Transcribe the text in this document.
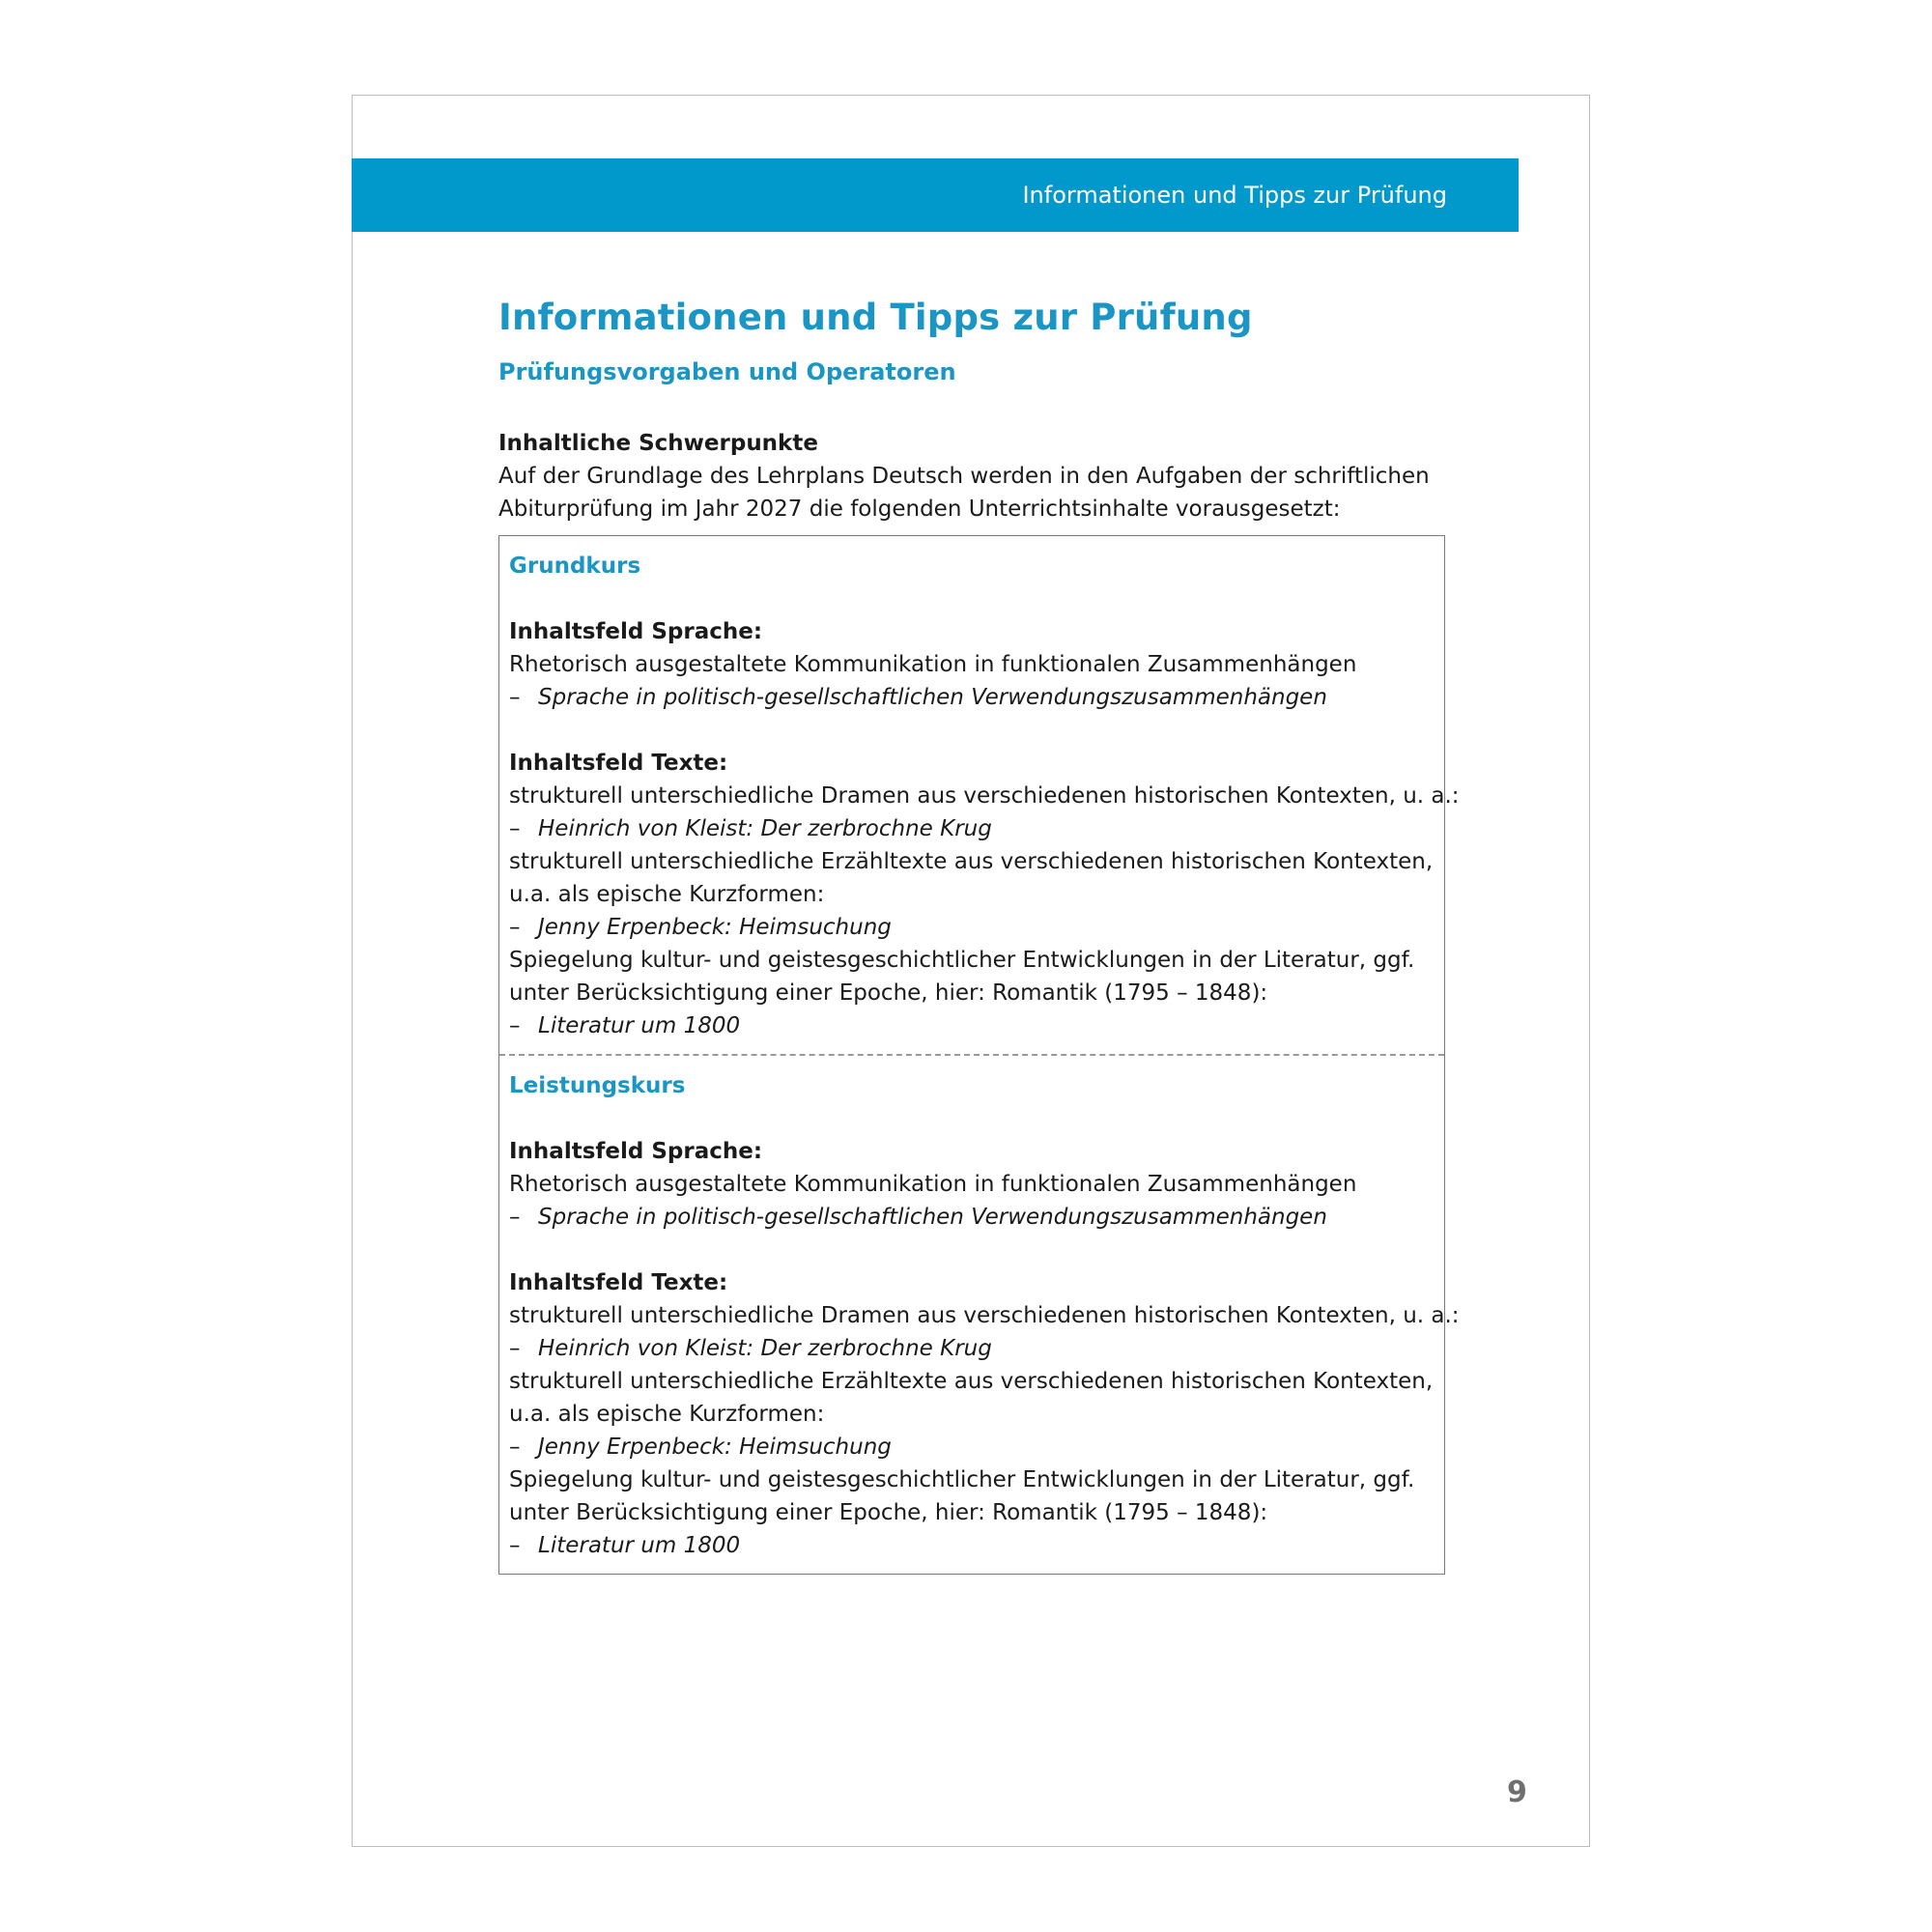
Informationen und Tipps zur Prüfung
Informationen und Tipps zur Prüfung
Prüfungsvorgaben und Operatoren
Inhaltliche Schwerpunkte
Auf der Grundlage des Lehrplans Deutsch werden in den Aufgaben der schriftlichen
Abiturprüfung im Jahr 2027 die folgenden Unterrichtsinhalte vorausgesetzt:
Grundkurs
Inhaltsfeld Sprache:
Rhetorisch ausgestaltete Kommunikation in funktionalen Zusammenhängen
– Sprache in politisch-gesellschaftlichen Verwendungszusammenhängen
Inhaltsfeld Texte:
strukturell unterschiedliche Dramen aus verschiedenen historischen Kontexten, u. a.:
– Heinrich von Kleist: Der zerbrochne Krug
strukturell unterschiedliche Erzähltexte aus verschiedenen historischen Kontexten,
u.a. als epische Kurzformen:
– Jenny Erpenbeck: Heimsuchung
Spiegelung kultur- und geistesgeschichtlicher Entwicklungen in der Literatur, ggf.
unter Berücksichtigung einer Epoche, hier: Romantik (1795 – 1848):
– Literatur um 1800
Leistungskurs
Inhaltsfeld Sprache:
Rhetorisch ausgestaltete Kommunikation in funktionalen Zusammenhängen
– Sprache in politisch-gesellschaftlichen Verwendungszusammenhängen
Inhaltsfeld Texte:
strukturell unterschiedliche Dramen aus verschiedenen historischen Kontexten, u. a.:
– Heinrich von Kleist: Der zerbrochne Krug
strukturell unterschiedliche Erzähltexte aus verschiedenen historischen Kontexten,
u.a. als epische Kurzformen:
– Jenny Erpenbeck: Heimsuchung
Spiegelung kultur- und geistesgeschichtlicher Entwicklungen in der Literatur, ggf.
unter Berücksichtigung einer Epoche, hier: Romantik (1795 – 1848):
– Literatur um 1800
9
